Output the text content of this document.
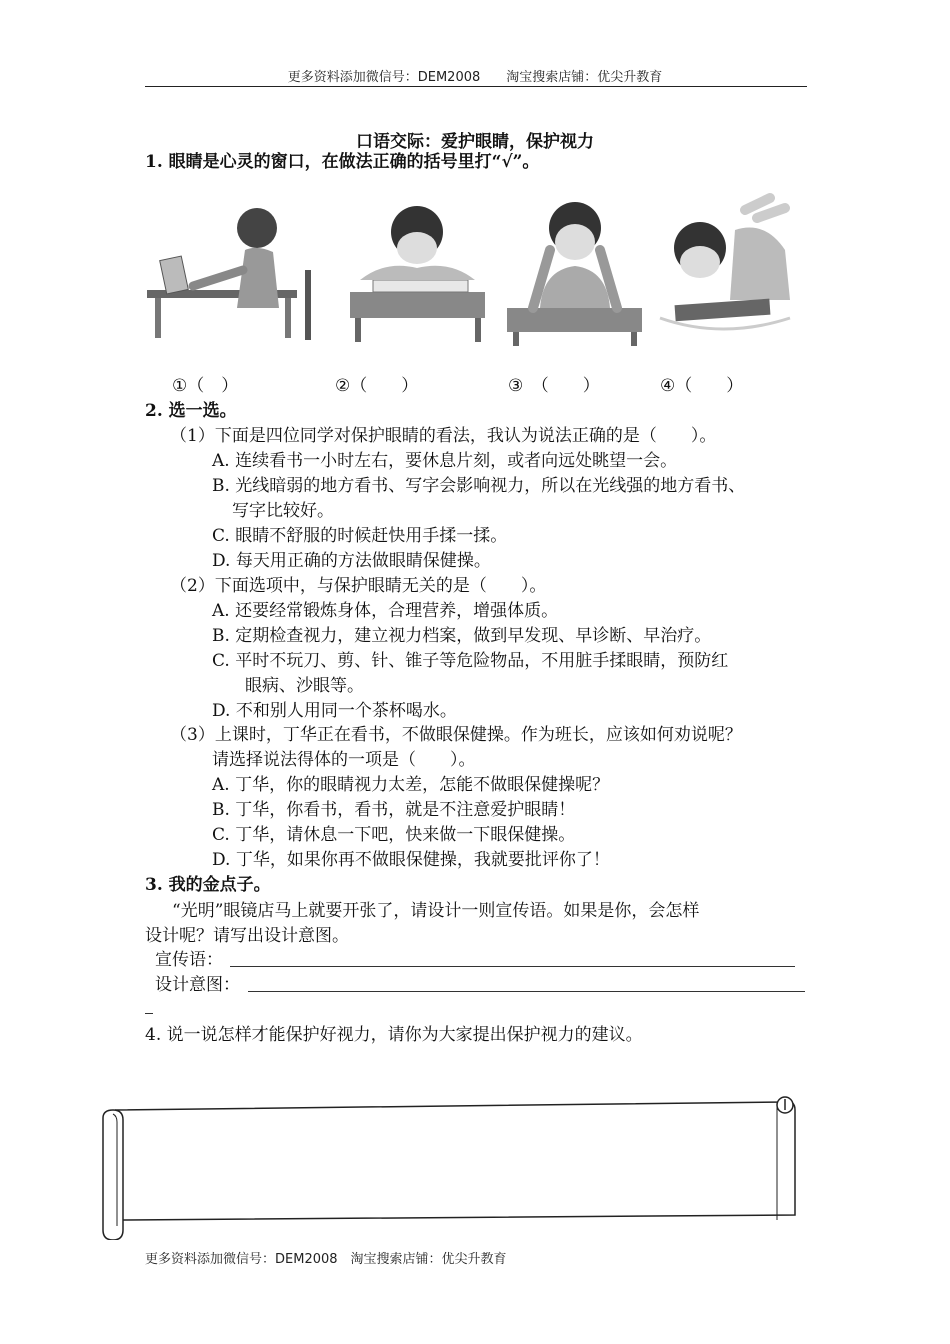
更多资料添加微信号：DEM2008　　淘宝搜索店铺：优尖升教育
口语交际：爱护眼睛，保护视力
1. 眼睛是心灵的窗口，在做法正确的括号里打“√”。
①（　）	②（　　）	③　（　　）	④（　　）
2. 选一选。
（1）下面是四位同学对保护眼睛的看法，我认为说法正确的是（　　）。
A. 连续看书一小时左右，要休息片刻，或者向远处眺望一会。
B. 光线暗弱的地方看书、写字会影响视力，所以在光线强的地方看书、
写字比较好。
C. 眼睛不舒服的时候赶快用手揉一揉。
D. 每天用正确的方法做眼睛保健操。
（2）下面选项中，与保护眼睛无关的是（　　）。
A. 还要经常锻炼身体，合理营养，增强体质。
B. 定期检查视力，建立视力档案，做到早发现、早诊断、早治疗。
C. 平时不玩刀、剪、针、锥子等危险物品，不用脏手揉眼睛，预防红
眼病、沙眼等。
D. 不和别人用同一个茶杯喝水。
（3）上课时，丁华正在看书，不做眼保健操。作为班长，应该如何劝说呢？
请选择说法得体的一项是（　　）。
A. 丁华，你的眼睛视力太差，怎能不做眼保健操呢？
B. 丁华，你看书，看书，就是不注意爱护眼睛！
C. 丁华，请休息一下吧，快来做一下眼保健操。
D. 丁华，如果你再不做眼保健操，我就要批评你了！
3. 我的金点子。
“光明”眼镜店马上就要开张了，请设计一则宣传语。如果是你，会怎样
设计呢？请写出设计意图。
宣传语：
设计意图：
4. 说一说怎样才能保护好视力，请你为大家提出保护视力的建议。
更多资料添加微信号：DEM2008　淘宝搜索店铺：优尖升教育
